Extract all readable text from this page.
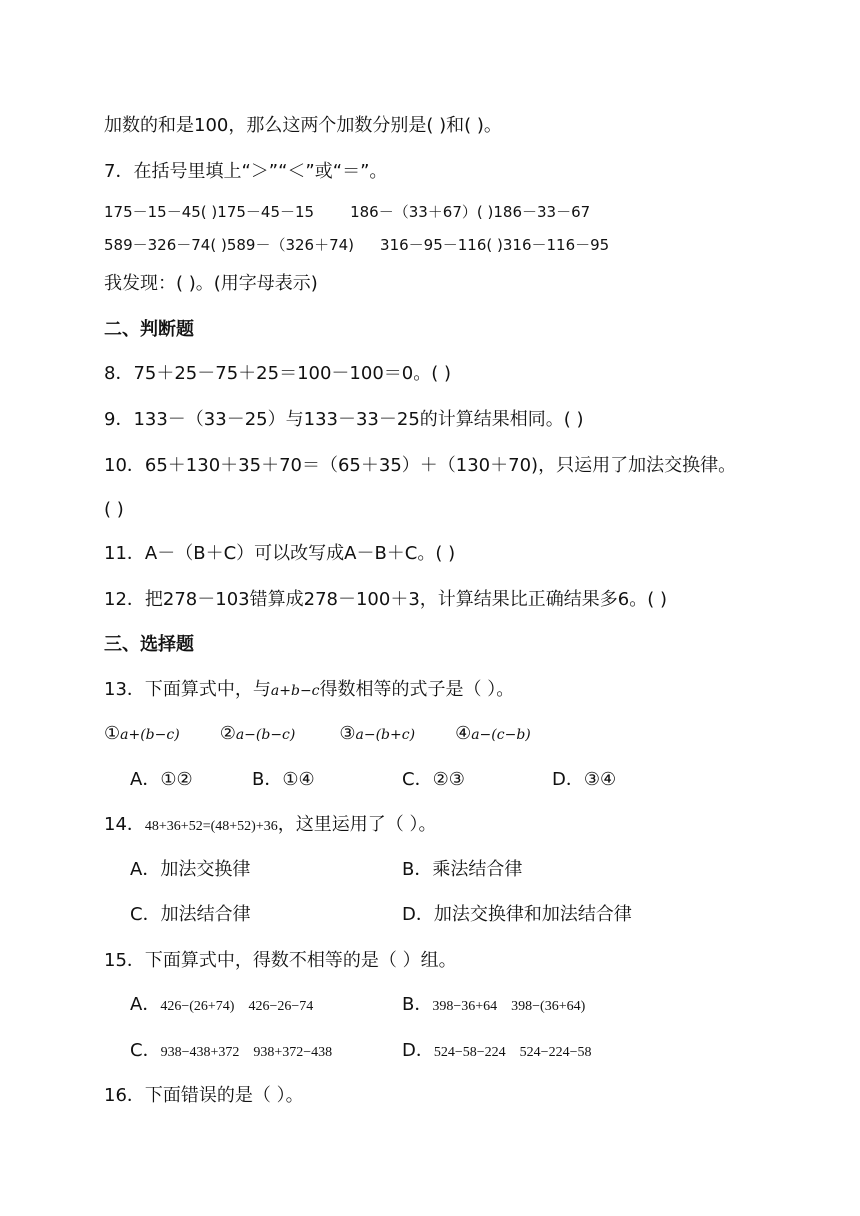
加数的和是100，那么这两个加数分别是( )和( )。
7．在括号里填上“＞”“＜”或“＝”。
175－15－45( )175－45－15 186－（33＋67）( )186－33－67
589－326－74( )589－（326＋74) 316－95－116( )316－116－95
我发现：( )。(用字母表示)
二、判断题
8．75＋25－75＋25＝100－100＝0。( )
9．133－（33－25）与133－33－25的计算结果相同。( )
10．65＋130＋35＋70＝（65＋35）＋（130＋70)，只运用了加法交换律。
( )
11．A－（B＋C）可以改写成A－B＋C。( )
12．把278－103错算成278－100＋3，计算结果比正确结果多6。( )
三、选择题
13．下面算式中，与a+b−c得数相等的式子是（ ）。
①a+(b−c) ②a−(b−c) ③a−(b+c) ④a−(c−b)
A．①②	B．①④	C．②③	D．③④
14．48+36+52=(48+52)+36，这里运用了（ ）。
A．加法交换律	B．乘法结合律
C．加法结合律	D．加法交换律和加法结合律
15．下面算式中，得数不相等的是（ ）组。
A．426−(26+74) 426−26−74	B．398−36+64 398−(36+64)
C．938−438+372 938+372−438	D．524−58−224 524−224−58
16．下面错误的是（ ）。
